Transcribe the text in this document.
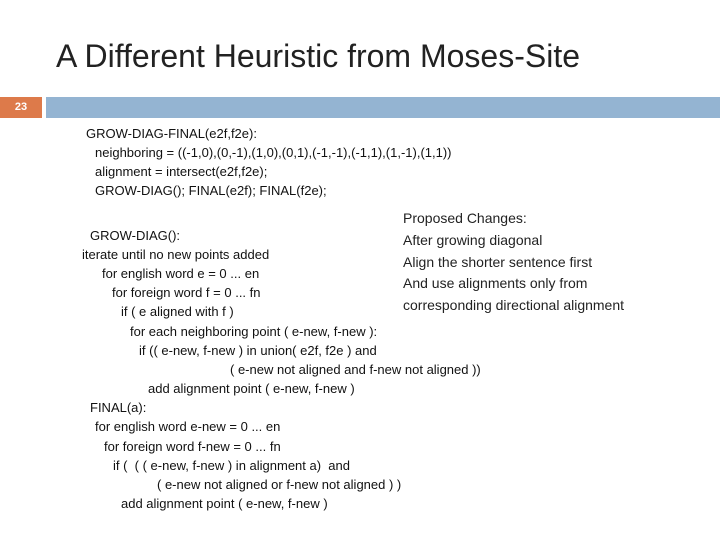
A Different Heuristic from Moses-Site
23
GROW-DIAG-FINAL(e2f,f2e):
neighboring = ((-1,0),(0,-1),(1,0),(0,1),(-1,-1),(-1,1),(1,-1),(1,1))
alignment = intersect(e2f,f2e);
GROW-DIAG(); FINAL(e2f); FINAL(f2e);
GROW-DIAG():
iterate until no new points added
for english word e = 0 ... en
for foreign word f = 0 ... fn
if ( e aligned with f )
for each neighboring point ( e-new, f-new ):
if (( e-new, f-new ) in union( e2f, f2e ) and
( e-new not aligned and f-new not aligned ))
add alignment point ( e-new, f-new )
FINAL(a):
for english word e-new = 0 ... en
for foreign word f-new = 0 ... fn
if (  ( ( e-new, f-new ) in alignment a)  and
( e-new not aligned or f-new not aligned ) )
add alignment point ( e-new, f-new )
Proposed Changes:
After growing diagonal
Align the shorter sentence first
And use alignments only from
corresponding directional alignment
